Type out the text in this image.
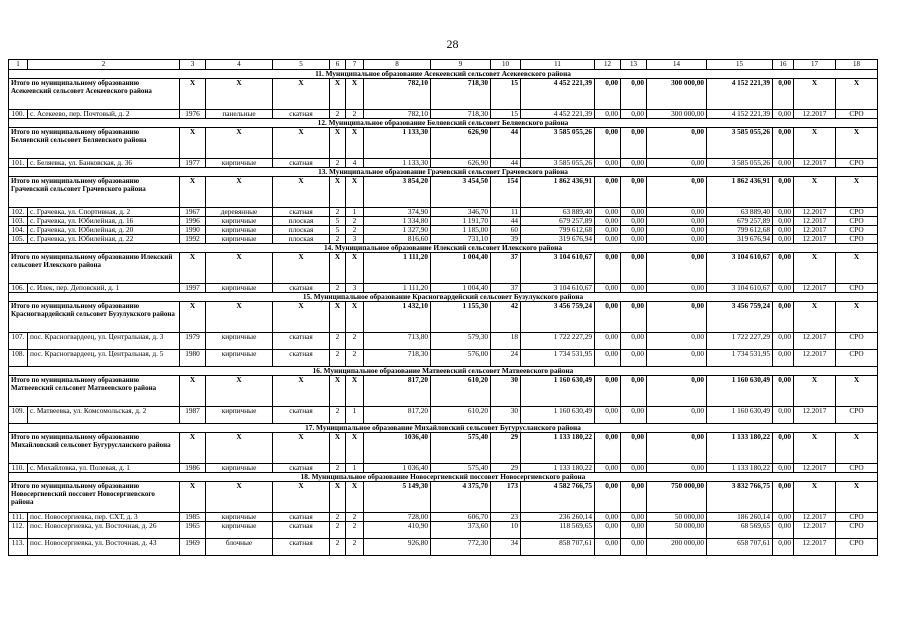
28
1	2	3	4	5	6	7	8	9	10	11	12	13	14	15	16	17	18
11. Муниципальное образование Асекеевский сельсовет Асекеевского района																	
Итого по муниципальному образованию Асекеевский сельсовет Асекеевского района		X	X	X	X	X	782,10	718,30	15	4 452 221,39	0,00	0,00	300 000,00	4 152 221,39	0,00	X	X
100.	с. Асекеево, пер. Почтовый, д. 2	1976	панельные	скатная	2	2	782,10	718,30	15	4 452 221,39	0,00	0,00	300 000,00	4 152 221,39	0,00	12.2017	СРО
12. Муниципальное образование Беляевский сельсовет Беляевского района																	
Итого по муниципальному образованию Беляевский сельсовет Беляевского района		X	X	X	X	X	1 133,30	626,90	44	3 585 055,26	0,00	0,00	0,00	3 585 055,26	0,00	X	X
101.	с. Беляевка, ул. Банковская, д. 36	1977	кирпичные	скатная	2	4	1 133,30	626,90	44	3 585 055,26	0,00	0,00	0,00	3 585 055,26	0,00	12.2017	СРО
13. Муниципальное образование Грачевский сельсовет Грачевского района																	
Итого по муниципальному образованию Грачевский сельсовет Грачевского района		X	X	X	X	X	3 854,20	3 454,50	154	1 862 436,91	0,00	0,00	0,00	1 862 436,91	0,00	X	X
102.	с. Грачевка, ул. Спортивная, д. 2	1967	деревянные	скатная	2	1	374,90	346,70	11	63 889,40	0,00	0,00	0,00	63 889,40	0,00	12.2017	СРО
103.	с. Грачевка, ул. Юбилейная, д. 16	1996	кирпичные	плоская	5	2	1 334,80	1 191,70	44	679 257,89	0,00	0,00	0,00	679 257,89	0,00	12.2017	СРО
104.	с. Грачевка, ул. Юбилейная, д. 20	1990	кирпичные	плоская	5	2	1 327,90	1 185,00	60	799 612,68	0,00	0,00	0,00	799 612,68	0,00	12.2017	СРО
105.	с. Грачевка, ул. Юбилейная, д. 22	1992	кирпичные	плоская	2	3	816,60	731,10	39	319 676,94	0,00	0,00	0,00	319 676,94	0,00	12.2017	СРО
14. Муниципальное образование Илекский сельсовет Илекского района																	
Итого по муниципальному образованию Илекский сельсовет Илекского района		X	X	X	X	X	1 111,20	1 004,40	37	3 104 610,67	0,00	0,00	0,00	3 104 610,67	0,00	X	X
106.	с. Илек, пер. Деповский, д. 1	1997	кирпичные	скатная	2	3	1 111,20	1 004,40	37	3 104 610,67	0,00	0,00	0,00	3 104 610,67	0,00	12.2017	СРО
15. Муниципальное образование Красногвардейский сельсовет Бузулукского района																	
Итого по муниципальному образованию Красногвардейский сельсовет Бузулукского района		X	X	X	X	X	1 432,10	1 155,30	42	3 456 759,24	0,00	0,00	0,00	3 456 759,24	0,00	X	X
107.	пос. Красногвардеец, ул. Центральная, д. 3	1979	кирпичные	скатная	2	2	713,80	579,30	18	1 722 227,29	0,00	0,00	0,00	1 722 227,29	0,00	12.2017	СРО
108.	пос. Красногвардеец, ул. Центральная, д. 5	1980	кирпичные	скатная	2	2	718,30	576,00	24	1 734 531,95	0,00	0,00	0,00	1 734 531,95	0,00	12.2017	СРО
16. Муниципальное образование Матвеевский сельсовет Матвеевского района																	
Итого по муниципальному образованию Матвеевский сельсовет Матвеевского района		X	X	X	X	X	817,20	610,20	30	1 160 630,49	0,00	0,00	0,00	1 160 630,49	0,00	X	X
109.	с. Матвеевка, ул. Комсомольская, д. 2	1987	кирпичные	скатная	2	1	817,20	610,20	30	1 160 630,49	0,00	0,00	0,00	1 160 630,49	0,00	12.2017	СРО
17. Муниципальное образование Михайловский сельсовет Бугурусланского района																	
Итого по муниципальному образованию Михайловский сельсовет Бугурусланского района		X	X	X	X	X	1036,40	575,40	29	1 133 180,22	0,00	0,00	0,00	1 133 180,22	0,00	X	X
110.	с. Михайловка, ул. Полевая, д. 1	1986	кирпичные	скатная	2	1	1 036,40	575,40	29	1 133 180,22	0,00	0,00	0,00	1 133 180,22	0,00	12.2017	СРО
18. Муниципальное образование Новосергиевский поссовет Новосергиевского района																	
Итого по муниципальному образованию Новосергиевский поссовет Новосергиевского района		X	X	X	X	X	5 149,30	4 375,70	173	4 582 766,75	0,00	0,00	750 000,00	3 832 766,75	0,00	X	X
111.	пос. Новосергиевка, пер. СХТ, д. 3	1985	кирпичные	скатная	2	2	728,00	606,70	23	236 260,14	0,00	0,00	50 000,00	186 260,14	0,00	12.2017	СРО
112.	пос. Новосергиевка, ул. Восточная, д. 26	1965	кирпичные	скатная	2	2	410,90	373,60	10	118 569,65	0,00	0,00	50 000,00	68 569,65	0,00	12.2017	СРО
113.	пос. Новосергиевка, ул. Восточная, д. 43	1969	блочные	скатная	2	2	926,80	772,30	34	858 707,61	0,00	0,00	200 000,00	658 707,61	0,00	12.2017	СРО
